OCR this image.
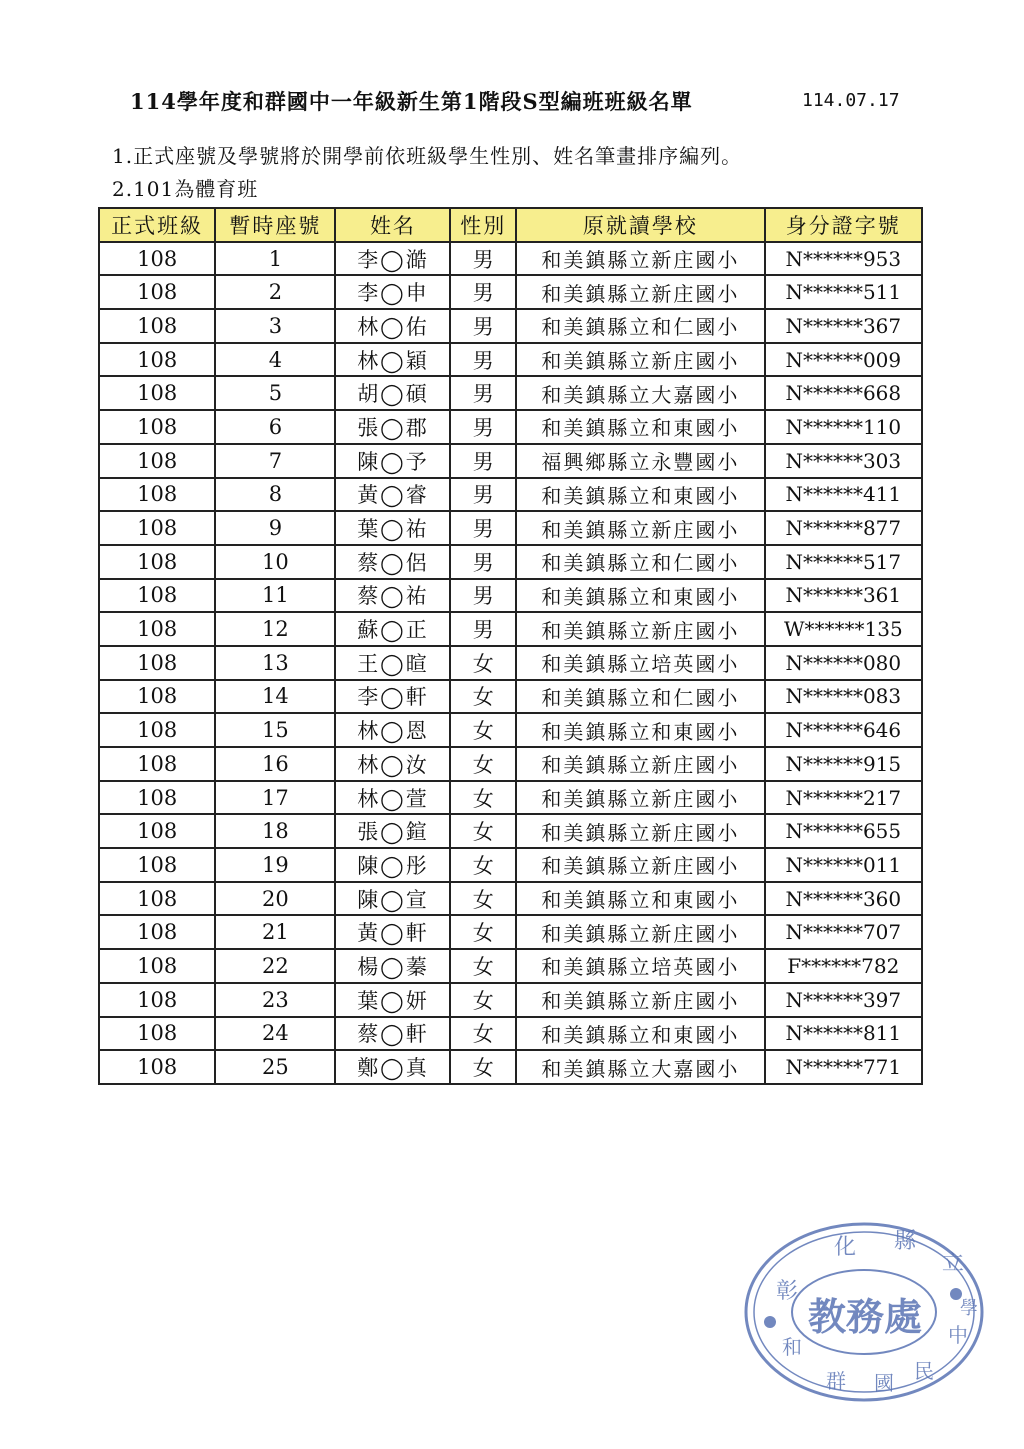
114學年度和群國中一年級新生第1階段S型編班班級名單	114.07.17
1.正式座號及學號將於開學前依班級學生性別、姓名筆畫排序編列。
2.101為體育班
正式班級	暫時座號	姓名	性別	原就讀學校	身分證字號
108	1	李◯澔	男	和美鎮縣立新庄國小	N******953
108	2	李◯申	男	和美鎮縣立新庄國小	N******511
108	3	林◯佑	男	和美鎮縣立和仁國小	N******367
108	4	林◯穎	男	和美鎮縣立新庄國小	N******009
108	5	胡◯碩	男	和美鎮縣立大嘉國小	N******668
108	6	張◯郡	男	和美鎮縣立和東國小	N******110
108	7	陳◯予	男	福興鄉縣立永豐國小	N******303
108	8	黃◯睿	男	和美鎮縣立和東國小	N******411
108	9	葉◯祐	男	和美鎮縣立新庄國小	N******877
108	10	蔡◯侶	男	和美鎮縣立和仁國小	N******517
108	11	蔡◯祐	男	和美鎮縣立和東國小	N******361
108	12	蘇◯正	男	和美鎮縣立新庄國小	W******135
108	13	王◯暄	女	和美鎮縣立培英國小	N******080
108	14	李◯軒	女	和美鎮縣立和仁國小	N******083
108	15	林◯恩	女	和美鎮縣立和東國小	N******646
108	16	林◯汝	女	和美鎮縣立新庄國小	N******915
108	17	林◯萱	女	和美鎮縣立新庄國小	N******217
108	18	張◯鍹	女	和美鎮縣立新庄國小	N******655
108	19	陳◯彤	女	和美鎮縣立新庄國小	N******011
108	20	陳◯宣	女	和美鎮縣立和東國小	N******360
108	21	黃◯軒	女	和美鎮縣立新庄國小	N******707
108	22	楊◯蓁	女	和美鎮縣立培英國小	F******782
108	23	葉◯妍	女	和美鎮縣立新庄國小	N******397
108	24	蔡◯軒	女	和美鎮縣立和東國小	N******811
108	25	鄭◯真	女	和美鎮縣立大嘉國小	N******771
彰
化 縣
立
和
群 國 民
中
學
教務處
